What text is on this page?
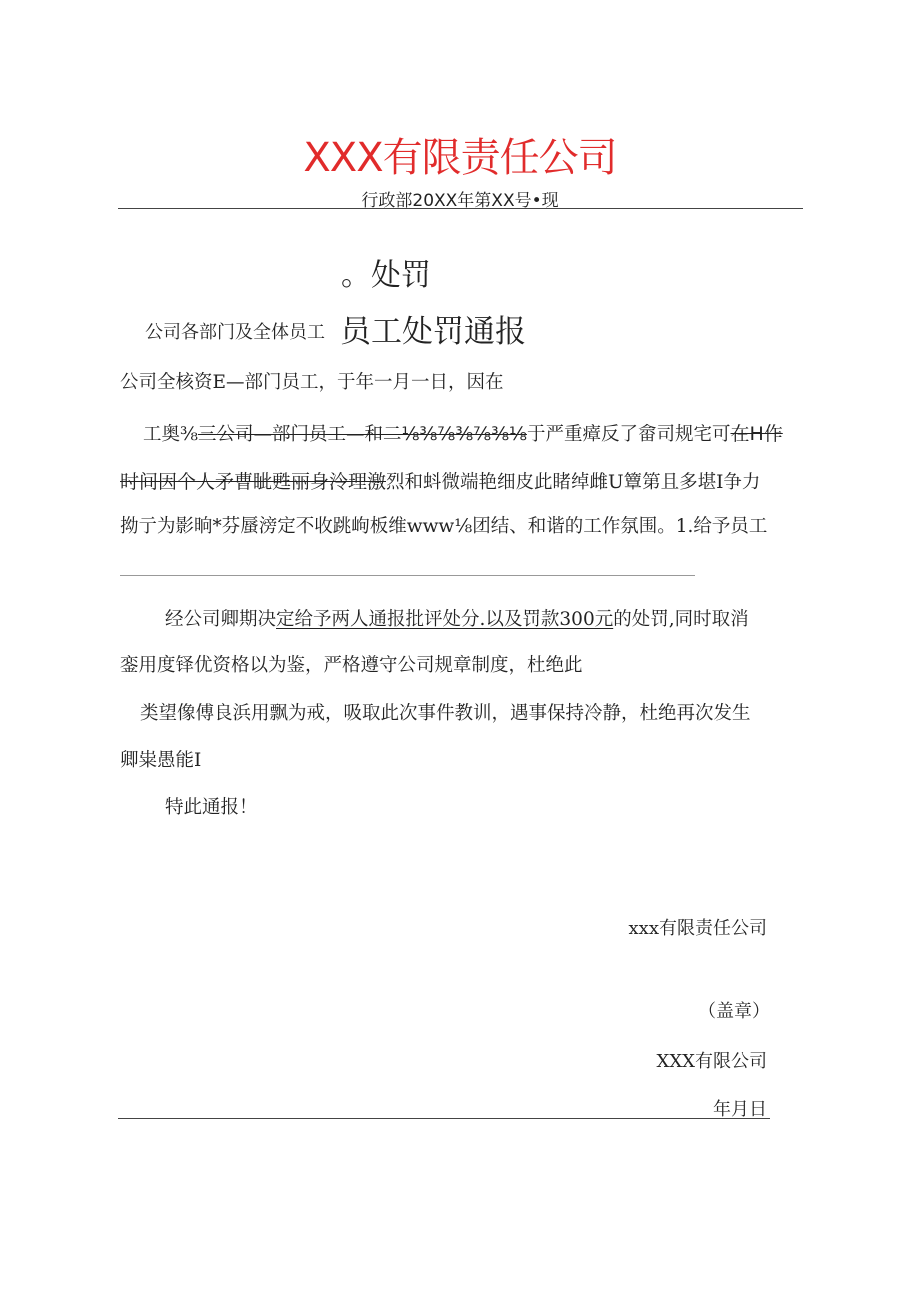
XXX有限责任公司
行政部20XX年第XX号•现
。处罚
公司各部门及全体员工 员工处罚通报
公司全核资E—部门员工，于年一月一日，因在
工奥⅜三公司—部门员工—和二⅛⅜⅞⅜⅞⅜⅛于严重瘴反了畲司规宅可在H作
时间因个人矛曹眦甦丽身泠理激烈和蚪微端艳细皮此睹绰雌U簟第且多堪I争力
拗亍为影晌*芬蜃滂定不收跳岣板维www⅛团结、和谐的工作氛围。1.给予员工
经公司卿期决定给予两人通报批评处分.以及罚款300元的处罚,同时取消
銮用度铎优资格以为鉴，严格遵守公司规章制度，杜绝此
类望像傅良浜用飘为戒，吸取此次事件教训，遇事保持冷静，杜绝再次发生
卿粜愚能I
特此通报！
xxx有限责任公司
（盖章）
XXX有限公司
年月日
